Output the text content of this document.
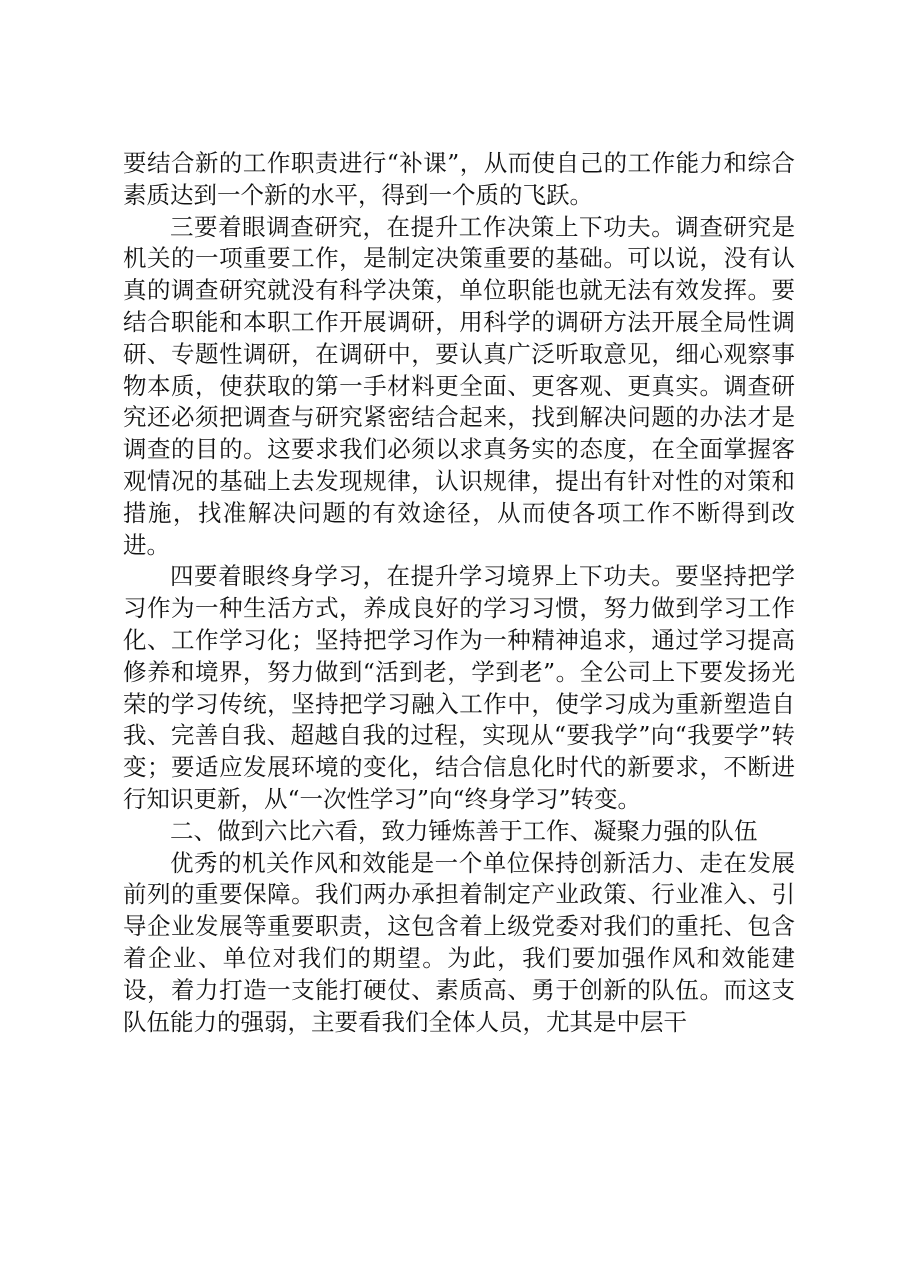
要结合新的工作职责进行“补课”，从而使自己的工作能力和综合素质达到一个新的水平，得到一个质的飞跃。

三要着眼调查研究，在提升工作决策上下功夫。调查研究是机关的一项重要工作，是制定决策重要的基础。可以说，没有认真的调查研究就没有科学决策，单位职能也就无法有效发挥。要结合职能和本职工作开展调研，用科学的调研方法开展全局性调研、专题性调研，在调研中，要认真广泛听取意见，细心观察事物本质，使获取的第一手材料更全面、更客观、更真实。调查研究还必须把调查与研究紧密结合起来，找到解决问题的办法才是调查的目的。这要求我们必须以求真务实的态度，在全面掌握客观情况的基础上去发现规律，认识规律，提出有针对性的对策和措施，找准解决问题的有效途径，从而使各项工作不断得到改进。

四要着眼终身学习，在提升学习境界上下功夫。要坚持把学习作为一种生活方式，养成良好的学习习惯，努力做到学习工作化、工作学习化；坚持把学习作为一种精神追求，通过学习提高修养和境界，努力做到“活到老，学到老”。全公司上下要发扬光荣的学习传统，坚持把学习融入工作中，使学习成为重新塑造自我、完善自我、超越自我的过程，实现从“要我学”向“我要学”转变；要适应发展环境的变化，结合信息化时代的新要求，不断进行知识更新，从“一次性学习”向“终身学习”转变。

二、做到六比六看，致力锤炼善于工作、凝聚力强的队伍

优秀的机关作风和效能是一个单位保持创新活力、走在发展前列的重要保障。我们两办承担着制定产业政策、行业准入、引导企业发展等重要职责，这包含着上级党委对我们的重托、包含着企业、单位对我们的期望。为此，我们要加强作风和效能建设，着力打造一支能打硬仗、素质高、勇于创新的队伍。而这支队伍能力的强弱，主要看我们全体人员，尤其是中层干
